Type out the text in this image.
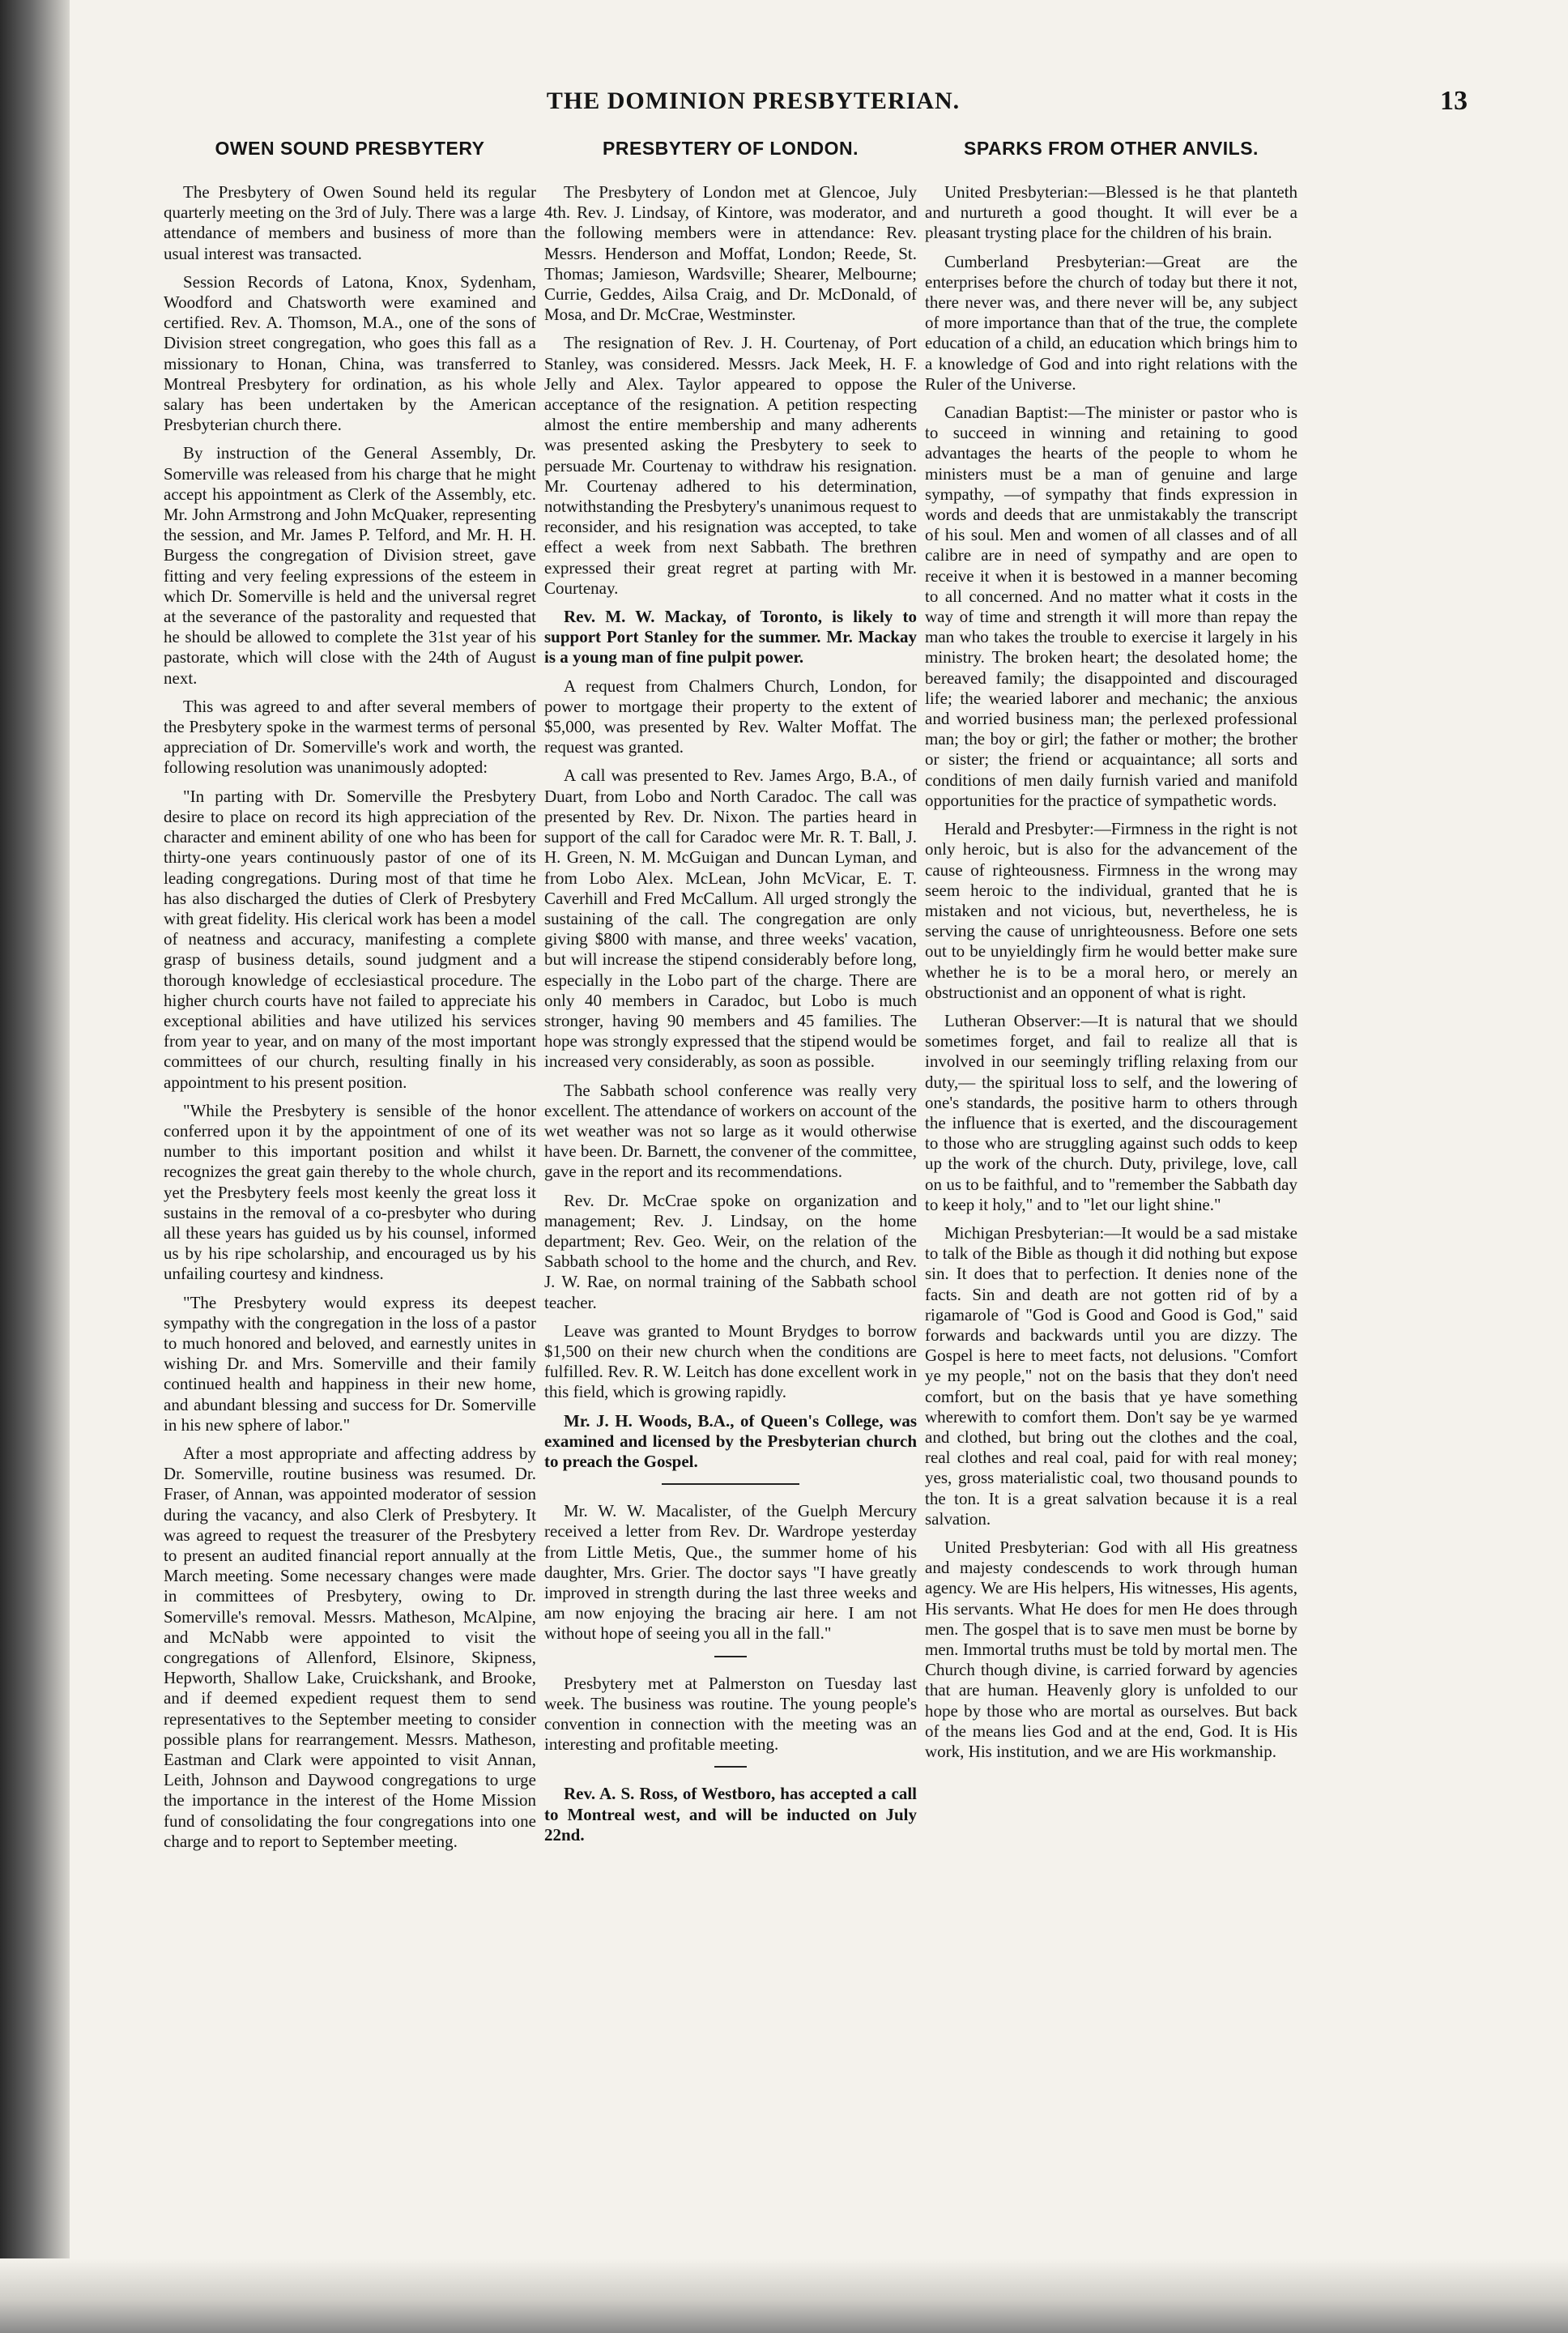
THE DOMINION PRESBYTERIAN.	13
OWEN SOUND PRESBYTERY

The Presbytery of Owen Sound held its regular quarterly meeting on the 3rd of July. There was a large attendance of members and business of more than usual interest was transacted.

Session Records of Latona, Knox, Sydenham, Woodford and Chatsworth were examined and certified. Rev. A. Thomson, M.A., one of the sons of Division street congregation, who goes this fall as a missionary to Honan, China, was transferred to Montreal Presbytery for ordination, as his whole salary has been undertaken by the American Presbyterian church there.

By instruction of the General Assembly, Dr. Somerville was released from his charge that he might accept his appointment as Clerk of the Assembly, etc. Mr. John Armstrong and John McQuaker, representing the session, and Mr. James P. Telford, and Mr. H. H. Burgess the congregation of Division street, gave fitting and very feeling expressions of the esteem in which Dr. Somerville is held and the universal regret at the severance of the pastorality and requested that he should be allowed to complete the 31st year of his pastorate, which will close with the 24th of August next.

This was agreed to and after several members of the Presbytery spoke in the warmest terms of personal appreciation of Dr. Somerville's work and worth, the following resolution was unanimously adopted:

"In parting with Dr. Somerville the Presbytery desire to place on record its high appreciation of the character and eminent ability of one who has been for thirty-one years continuously pastor of one of its leading congregations. During most of that time he has also discharged the duties of Clerk of Presbytery with great fidelity. His clerical work has been a model of neatness and accuracy, manifesting a complete grasp of business details, sound judgment and a thorough knowledge of ecclesiastical procedure. The higher church courts have not failed to appreciate his exceptional abilities and have utilized his services from year to year, and on many of the most important committees of our church, resulting finally in his appointment to his present position.

"While the Presbytery is sensible of the honor conferred upon it by the appointment of one of its number to this important position and whilst it recognizes the great gain thereby to the whole church, yet the Presbytery feels most keenly the great loss it sustains in the removal of a co-presbyter who during all these years has guided us by his counsel, informed us by his ripe scholarship, and encouraged us by his unfailing courtesy and kindness.

"The Presbytery would express its deepest sympathy with the congregation in the loss of a pastor to much honored and beloved, and earnestly unites in wishing Dr. and Mrs. Somerville and their family continued health and happiness in their new home, and abundant blessing and success for Dr. Somerville in his new sphere of labor."

After a most appropriate and affecting address by Dr. Somerville, routine business was resumed. Dr. Fraser, of Annan, was appointed moderator of session during the vacancy, and also Clerk of Presbytery. It was agreed to request the treasurer of the Presbytery to present an audited financial report annually at the March meeting. Some necessary changes were made in committees of Presbytery, owing to Dr. Somerville's removal. Messrs. Matheson, McAlpine, and McNabb were appointed to visit the congregations of Allenford, Elsinore, Skipness, Hepworth, Shallow Lake, Cruickshank, and Brooke, and if deemed expedient request them to send representatives to the September meeting to consider possible plans for rearrangement. Messrs. Matheson, Eastman and Clark were appointed to visit Annan, Leith, Johnson and Daywood congregations to urge the importance in the interest of the Home Mission fund of consolidating the four congregations into one charge and to report to September meeting.

PRESBYTERY OF LONDON.

The Presbytery of London met at Glencoe, July 4th. Rev. J. Lindsay, of Kintore, was moderator, and the following members were in attendance: Rev. Messrs. Henderson and Moffat, London; Reede, St. Thomas; Jamieson, Wardsville; Shearer, Melbourne; Currie, Geddes, Ailsa Craig, and Dr. McDonald, of Mosa, and Dr. McCrae, Westminster.

The resignation of Rev. J. H. Courtenay, of Port Stanley, was considered. Messrs. Jack Meek, H. F. Jelly and Alex. Taylor appeared to oppose the acceptance of the resignation. A petition respecting almost the entire membership and many adherents was presented asking the Presbytery to seek to persuade Mr. Courtenay to withdraw his resignation. Mr. Courtenay adhered to his determination, notwithstanding the Presbytery's unanimous request to reconsider, and his resignation was accepted, to take effect a week from next Sabbath. The brethren expressed their great regret at parting with Mr. Courtenay.

Rev. M. W. Mackay, of Toronto, is likely to support Port Stanley for the summer. Mr. Mackay is a young man of fine pulpit power.

A request from Chalmers Church, London, for power to mortgage their property to the extent of $5,000, was presented by Rev. Walter Moffat. The request was granted.

A call was presented to Rev. James Argo, B.A., of Duart, from Lobo and North Caradoc. The call was presented by Rev. Dr. Nixon. The parties heard in support of the call for Caradoc were Mr. R. T. Ball, J. H. Green, N. M. McGuigan and Duncan Lyman, and from Lobo Alex. McLean, John McVicar, E. T. Caverhill and Fred McCallum. All urged strongly the sustaining of the call. The congregation are only giving $800 with manse, and three weeks' vacation, but will increase the stipend considerably before long, especially in the Lobo part of the charge. There are only 40 members in Caradoc, but Lobo is much stronger, having 90 members and 45 families. The hope was strongly expressed that the stipend would be increased very considerably, as soon as possible.

The Sabbath school conference was really very excellent. The attendance of workers on account of the wet weather was not so large as it would otherwise have been. Dr. Barnett, the convener of the committee, gave in the report and its recommendations.

Rev. Dr. McCrae spoke on organization and management; Rev. J. Lindsay, on the home department; Rev. Geo. Weir, on the relation of the Sabbath school to the home and the church, and Rev. J. W. Rae, on normal training of the Sabbath school teacher.

Leave was granted to Mount Brydges to borrow $1,500 on their new church when the conditions are fulfilled. Rev. R. W. Leitch has done excellent work in this field, which is growing rapidly.

Mr. J. H. Woods, B.A., of Queen's College, was examined and licensed by the Presbyterian church to preach the Gospel.

Mr. W. W. Macalister, of the Guelph Mercury received a letter from Rev. Dr. Wardrope yesterday from Little Metis, Que., the summer home of his daughter, Mrs. Grier. The doctor says "I have greatly improved in strength during the last three weeks and am now enjoying the bracing air here. I am not without hope of seeing you all in the fall."

Presbytery met at Palmerston on Tuesday last week. The business was routine. The young people's convention in connection with the meeting was an interesting and profitable meeting.

Rev. A. S. Ross, of Westboro, has accepted a call to Montreal west, and will be inducted on July 22nd.

SPARKS FROM OTHER ANVILS.

United Presbyterian:—Blessed is he that planteth and nurtureth a good thought. It will ever be a pleasant trysting place for the children of his brain.

Cumberland Presbyterian:—Great are the enterprises before the church of today but there it not, there never was, and there never will be, any subject of more importance than that of the true, the complete education of a child, an education which brings him to a knowledge of God and into right relations with the Ruler of the Universe.

Canadian Baptist:—The minister or pastor who is to succeed in winning and retaining to good advantages the hearts of the people to whom he ministers must be a man of genuine and large sympathy, —of sympathy that finds expression in words and deeds that are unmistakably the transcript of his soul. Men and women of all classes and of all calibre are in need of sympathy and are open to receive it when it is bestowed in a manner becoming to all concerned. And no matter what it costs in the way of time and strength it will more than repay the man who takes the trouble to exercise it largely in his ministry. The broken heart; the desolated home; the bereaved family; the disappointed and discouraged life; the wearied laborer and mechanic; the anxious and worried business man; the perlexed professional man; the boy or girl; the father or mother; the brother or sister; the friend or acquaintance; all sorts and conditions of men daily furnish varied and manifold opportunities for the practice of sympathetic words.

Herald and Presbyter:—Firmness in the right is not only heroic, but is also for the advancement of the cause of righteousness. Firmness in the wrong may seem heroic to the individual, granted that he is mistaken and not vicious, but, nevertheless, he is serving the cause of unrighteousness. Before one sets out to be unyieldingly firm he would better make sure whether he is to be a moral hero, or merely an obstructionist and an opponent of what is right.

Lutheran Observer:—It is natural that we should sometimes forget, and fail to realize all that is involved in our seemingly trifling relaxing from our duty,— the spiritual loss to self, and the lowering of one's standards, the positive harm to others through the influence that is exerted, and the discouragement to those who are struggling against such odds to keep up the work of the church. Duty, privilege, love, call on us to be faithful, and to "remember the Sabbath day to keep it holy," and to "let our light shine."

Michigan Presbyterian:—It would be a sad mistake to talk of the Bible as though it did nothing but expose sin. It does that to perfection. It denies none of the facts. Sin and death are not gotten rid of by a rigamarole of "God is Good and Good is God," said forwards and backwards until you are dizzy. The Gospel is here to meet facts, not delusions. "Comfort ye my people," not on the basis that they don't need comfort, but on the basis that ye have something wherewith to comfort them. Don't say be ye warmed and clothed, but bring out the clothes and the coal, real clothes and real coal, paid for with real money; yes, gross materialistic coal, two thousand pounds to the ton. It is a great salvation because it is a real salvation.

United Presbyterian: God with all His greatness and majesty condescends to work through human agency. We are His helpers, His witnesses, His agents, His servants. What He does for men He does through men. The gospel that is to save men must be borne by men. Immortal truths must be told by mortal men. The Church though divine, is carried forward by agencies that are human. Heavenly glory is unfolded to our hope by those who are mortal as ourselves. But back of the means lies God and at the end, God. It is His work, His institution, and we are His workmanship.
